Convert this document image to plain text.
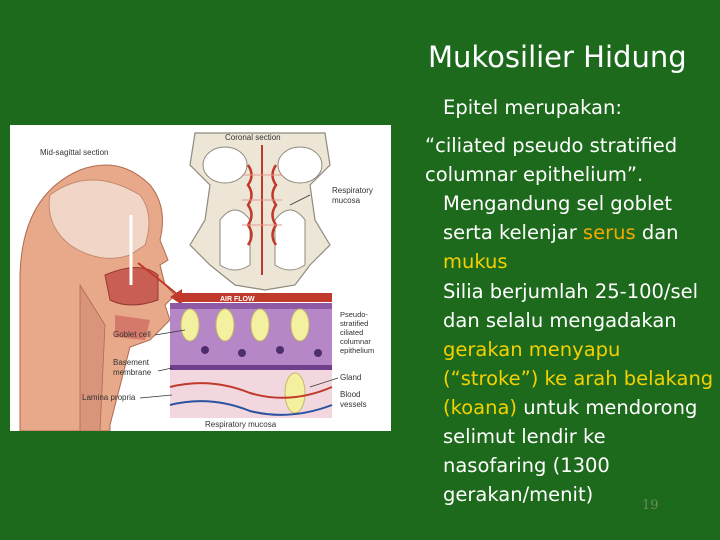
Mukosilier Hidung
Epitel merupakan:
“ciliated pseudo stratified columnar epithelium”.
Mengandung sel goblet serta kelenjar serus dan mukus
Silia berjumlah 25-100/sel dan selalu mengadakan gerakan menyapu (“stroke”) ke arah belakang (koana) untuk mendorong selimut lendir ke nasofaring (1300 gerakan/menit)	19
Mid-sagittal section
Coronal section
Respiratory
mucosa
AIR FLOW
Goblet cell
Basement
membrane
Lamina propria
Pseudo-
stratified
ciliated
columnar
epithelium
Gland
Blood
vessels
Respiratory mucosa
